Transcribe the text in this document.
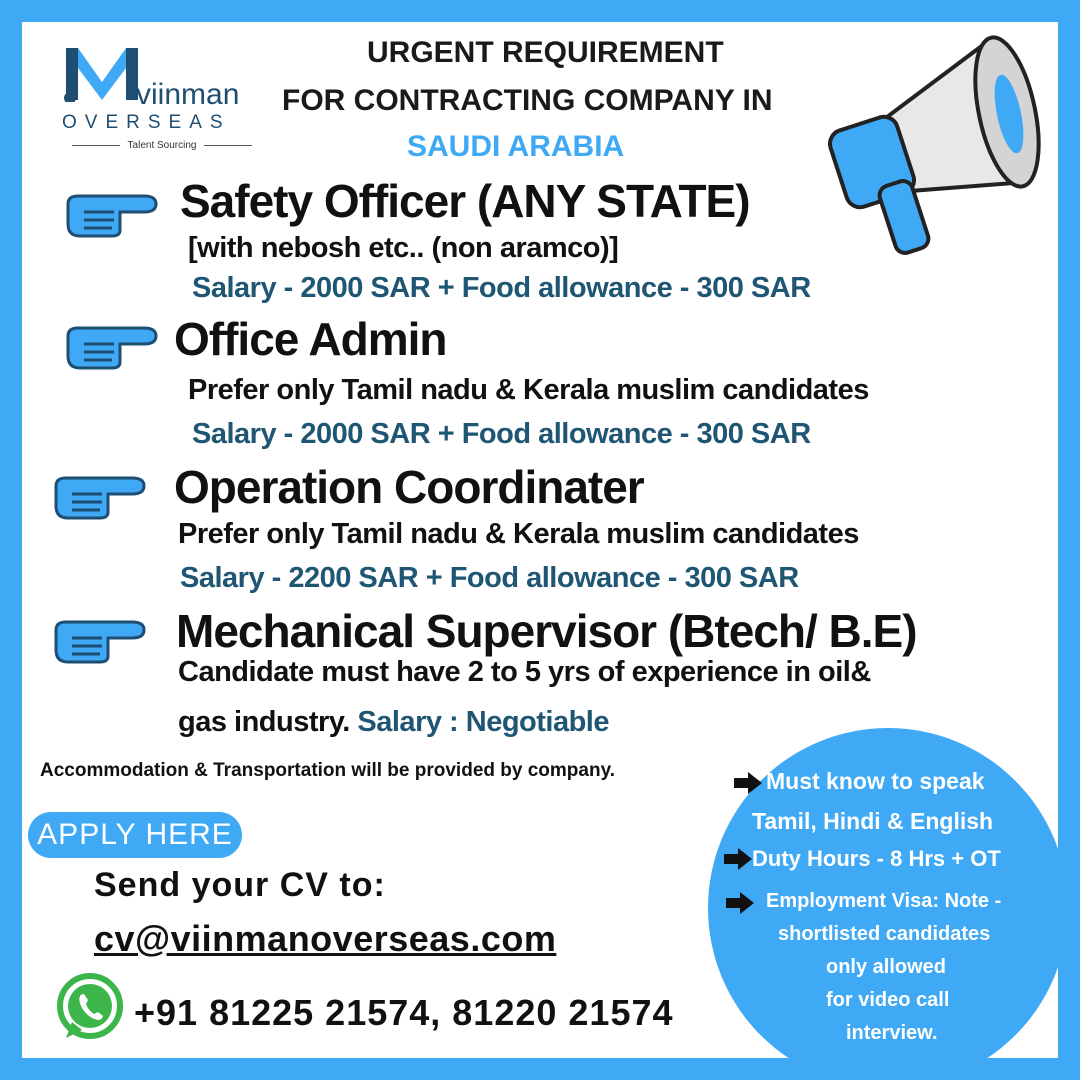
viinman
OVERSEAS
Talent Sourcing
URGENT REQUIREMENT
FOR CONTRACTING COMPANY IN
SAUDI ARABIA
Safety Officer (ANY STATE)
[with nebosh etc.. (non aramco)]
Salary - 2000 SAR + Food allowance - 300 SAR
Office Admin
Prefer only Tamil nadu & Kerala muslim candidates
Salary - 2000 SAR + Food allowance - 300 SAR
Operation Coordinater
Prefer only Tamil nadu & Kerala muslim candidates
Salary - 2200 SAR + Food allowance - 300 SAR
Mechanical Supervisor (Btech/ B.E)
Candidate must have 2 to 5 yrs of experience in oil&
gas industry. Salary : Negotiable
Accommodation & Transportation will be provided by company.
APPLY HERE
Send your CV to:
cv@viinmanoverseas.com
+91 81225 21574, 81220 21574
Must know to speak
Tamil, Hindi & English
Duty Hours - 8 Hrs + OT
Employment Visa: Note -
shortlisted candidates
only allowed
for video call
interview.
